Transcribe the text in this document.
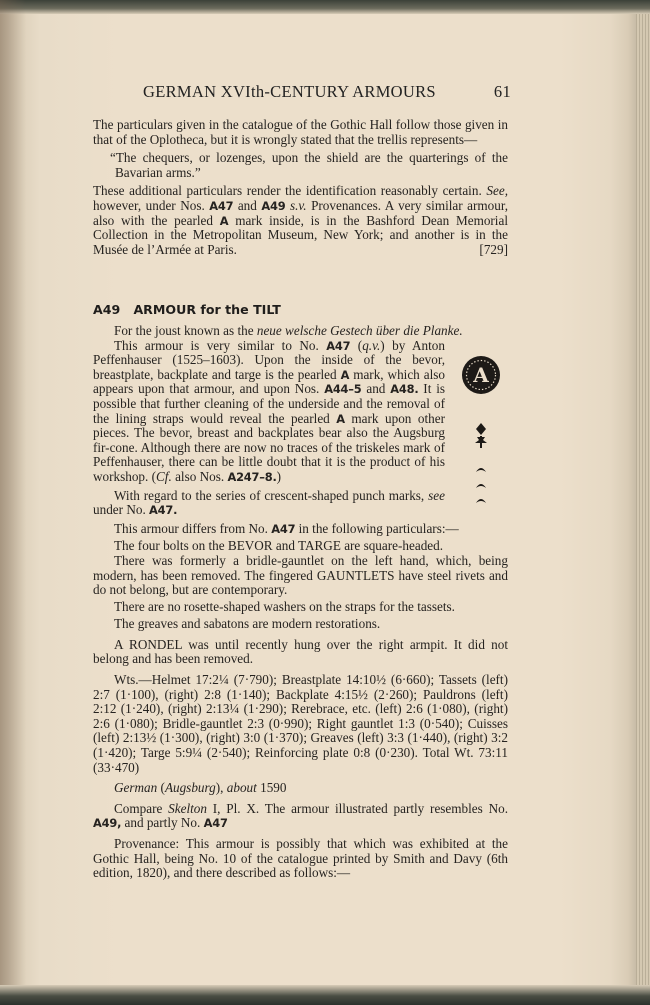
GERMAN XVIth-CENTURY ARMOURS	61

The particulars given in the catalogue of the Gothic Hall follow those given in that of the Oplotheca, but it is wrongly stated that the trellis represents—

“The chequers, or lozenges, upon the shield are the quarterings of the Bavarian arms.”

These additional particulars render the identification reasonably certain. See, however, under Nos. A47 and A49 s.v. Provenances. A very similar armour, also with the pearled A mark inside, is in the Bashford Dean Memorial Collection in the Metropolitan Museum, New York; and another is in the Musée de l’Armée at Paris.	[729]

A49 ARMOUR for the TILT

For the joust known as the neue welsche Gestech über die Planke.

This armour is very similar to No. A47 (q.v.) by Anton Peffenhauser (1525–1603). Upon the inside of the bevor, breastplate, backplate and targe is the pearled A mark, which also appears upon that armour, and upon Nos. A44–5 and A48. It is possible that further cleaning of the underside and the removal of the lining straps would reveal the pearled A mark upon other pieces. The bevor, breast and backplates bear also the Augsburg fir-cone. Although there are now no traces of the triskeles mark of Peffenhauser, there can be little doubt that it is the product of his workshop. (Cf. also Nos. A247–8.)

With regard to the series of crescent-shaped punch marks, see under No. A47.

This armour differs from No. A47 in the following particulars:—

The four bolts on the BEVOR and TARGE are square-headed.

There was formerly a bridle-gauntlet on the left hand, which, being modern, has been removed. The fingered GAUNTLETS have steel rivets and do not belong, but are contemporary.

There are no rosette-shaped washers on the straps for the tassets.

The greaves and sabatons are modern restorations.

A RONDEL was until recently hung over the right armpit. It did not belong and has been removed.

Wts.—Helmet 17:2¼ (7·790); Breastplate 14:10½ (6·660); Tassets (left) 2:7 (1·100), (right) 2:8 (1·140); Backplate 4:15½ (2·260); Pauldrons (left) 2:12 (1·240), (right) 2:13¼ (1·290); Rerebrace, etc. (left) 2:6 (1·080), (right) 2:6 (1·080); Bridle-gauntlet 2:3 (0·990); Right gauntlet 1:3 (0·540); Cuisses (left) 2:13½ (1·300), (right) 3:0 (1·370); Greaves (left) 3:3 (1·440), (right) 3:2 (1·420); Targe 5:9¼ (2·540); Reinforcing plate 0:8 (0·230). Total Wt. 73:11 (33·470)

German (Augsburg), about 1590

Compare Skelton I, Pl. X. The armour illustrated partly resembles No. A49, and partly No. A47

Provenance: This armour is possibly that which was exhibited at the Gothic Hall, being No. 10 of the catalogue printed by Smith and Davy (6th edition, 1820), and there described as follows:—

A
